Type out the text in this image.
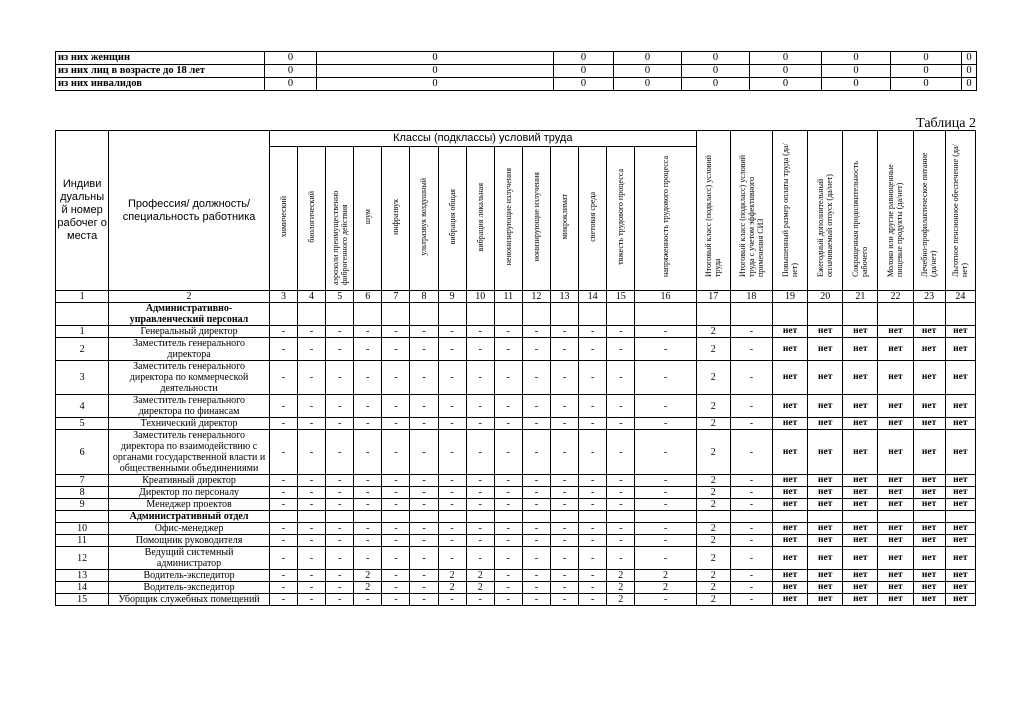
из них женщин	0	0	0	0	0	0	0	0	0	
из них лиц в возрасте до 18 лет	0	0	0	0	0	0	0	0	0	
из них инвалидов	0	0	0	0	0	0	0	0	0	
Таблица 2
Индиви дуальны й номер рабочег о места	Профессия/ должность/ специальность работника	Классы (подклассы) условий труда														Итоговый класс (подкласс) условий труда	Итоговый класс (подкласс) условий труда с учетом эффективного применения СИЗ	Повышенный размер оплаты труда (да/нет)	Ежегодный дополнительный оплачиваемый отпуск (да/нет)	Сокращенная продолжительность рабочего	Молоко или другие равноценные пищевые продукты (да/нет)	Лечебно-профилактическое питание (да/нет)	Льготное пенсионное обеспечение (да/нет)
		химический	биологический	аэрозоли преимущественно фиброгенного действия	шум	инфразвук	ультразвук воздушный	вибрация общая	вибрация локальная	неионизирующие излучения	ионизирующие излучения	микроклимат	световая среда	тяжесть трудового процесса	напряженность трудового процесса								
1	2	3	4	5	6	7	8	9	10	11	12	13	14	15	16	17	18	19	20	21	22	23	24
	Административно-управленческий персонал																						
1	Генеральный директор	-	-	-	-	-	-	-	-	-	-	-	-	-	-	2	-	нет	нет	нет	нет	нет	нет
2	Заместитель генерального директора	-	-	-	-	-	-	-	-	-	-	-	-	-	-	2	-	нет	нет	нет	нет	нет	нет
3	Заместитель генерального директора по коммерческой деятельности	-	-	-	-	-	-	-	-	-	-	-	-	-	-	2	-	нет	нет	нет	нет	нет	нет
4	Заместитель генерального директора по финансам	-	-	-	-	-	-	-	-	-	-	-	-	-	-	2	-	нет	нет	нет	нет	нет	нет
5	Технический директор	-	-	-	-	-	-	-	-	-	-	-	-	-	-	2	-	нет	нет	нет	нет	нет	нет
6	Заместитель генерального директора по взаимодействию с органами государственной власти и общественными объединениями	-	-	-	-	-	-	-	-	-	-	-	-	-	-	2	-	нет	нет	нет	нет	нет	нет
7	Креативный директор	-	-	-	-	-	-	-	-	-	-	-	-	-	-	2	-	нет	нет	нет	нет	нет	нет
8	Директор по персоналу	-	-	-	-	-	-	-	-	-	-	-	-	-	-	2	-	нет	нет	нет	нет	нет	нет
9	Менеджер проектов	-	-	-	-	-	-	-	-	-	-	-	-	-	-	2	-	нет	нет	нет	нет	нет	нет
	Административный отдел																						
10	Офис-менеджер	-	-	-	-	-	-	-	-	-	-	-	-	-	-	2	-	нет	нет	нет	нет	нет	нет
11	Помощник руководителя	-	-	-	-	-	-	-	-	-	-	-	-	-	-	2	-	нет	нет	нет	нет	нет	нет
12	Ведущий системный администратор	-	-	-	-	-	-	-	-	-	-	-	-	-	-	2	-	нет	нет	нет	нет	нет	нет
13	Водитель-экспедитор	-	-	-	2	-	-	2	2	-	-	-	-	2	2	2	-	нет	нет	нет	нет	нет	нет
14	Водитель-экспедитор	-	-	-	2	-	-	2	2	-	-	-	-	2	2	2	-	нет	нет	нет	нет	нет	нет
15	Уборщик служебных помещений	-	-	-	-	-	-	-	-	-	-	-	-	2	-	2	-	нет	нет	нет	нет	нет	нет
